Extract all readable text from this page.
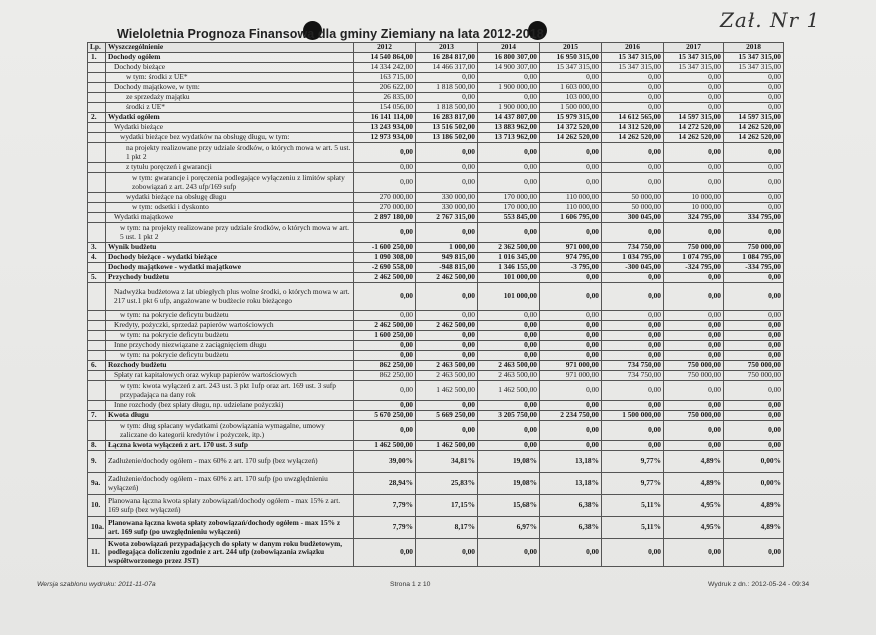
Wieloletnia Prognoza Finansowa dla gminy Ziemiany na lata 2012-2018
Zał. Nr 1
Lp.	Wyszczególnienie	2012	2013	2014	2015	2016	2017	2018
1.	Dochody ogółem	14 540 864,00	16 284 817,00	16 800 307,00	16 950 315,00	15 347 315,00	15 347 315,00	15 347 315,00
	Dochody bieżące	14 334 242,00	14 466 317,00	14 900 307,00	15 347 315,00	15 347 315,00	15 347 315,00	15 347 315,00
	w tym: środki z UE*	163 715,00	0,00	0,00	0,00	0,00	0,00	0,00
	Dochody majątkowe, w tym:	206 622,00	1 818 500,00	1 900 000,00	1 603 000,00	0,00	0,00	0,00
	ze sprzedaży majątku	26 835,00	0,00	0,00	103 000,00	0,00	0,00	0,00
	środki z UE*	154 056,00	1 818 500,00	1 900 000,00	1 500 000,00	0,00	0,00	0,00
2.	Wydatki ogółem	16 141 114,00	16 283 817,00	14 437 807,00	15 979 315,00	14 612 565,00	14 597 315,00	14 597 315,00
	Wydatki bieżące	13 243 934,00	13 516 502,00	13 883 962,00	14 372 520,00	14 312 520,00	14 272 520,00	14 262 520,00
	wydatki bieżące bez wydatków na obsługę długu, w tym:	12 973 934,00	13 186 502,00	13 713 962,00	14 262 520,00	14 262 520,00	14 262 520,00	14 262 520,00
	na projekty realizowane przy udziale środków, o których mowa w art. 5 ust. 1 pkt 2	0,00	0,00	0,00	0,00	0,00	0,00	0,00
	z tytułu poręczeń i gwarancji	0,00	0,00	0,00	0,00	0,00	0,00	0,00
	w tym: gwarancje i poręczenia podlegające wyłączeniu z limitów spłaty zobowiązań z art. 243 ufp/169 sufp	0,00	0,00	0,00	0,00	0,00	0,00	0,00
	wydatki bieżące na obsługę długu	270 000,00	330 000,00	170 000,00	110 000,00	50 000,00	10 000,00	0,00
	w tym: odsetki i dyskonto	270 000,00	330 000,00	170 000,00	110 000,00	50 000,00	10 000,00	0,00
	Wydatki majątkowe	2 897 180,00	2 767 315,00	553 845,00	1 606 795,00	300 045,00	324 795,00	334 795,00
	w tym: na projekty realizowane przy udziale środków, o których mowa w art. 5 ust. 1 pkt 2	0,00	0,00	0,00	0,00	0,00	0,00	0,00
3.	Wynik budżetu	-1 600 250,00	1 000,00	2 362 500,00	971 000,00	734 750,00	750 000,00	750 000,00
4.	Dochody bieżące - wydatki bieżące	1 090 308,00	949 815,00	1 016 345,00	974 795,00	1 034 795,00	1 074 795,00	1 084 795,00
	Dochody majątkowe - wydatki majątkowe	-2 690 558,00	-948 815,00	1 346 155,00	-3 795,00	-300 045,00	-324 795,00	-334 795,00
5.	Przychody budżetu	2 462 500,00	2 462 500,00	101 000,00	0,00	0,00	0,00	0,00
	Nadwyżka budżetowa z lat ubiegłych plus wolne środki, o których mowa w art. 217 ust.1 pkt 6 ufp, angażowane w budżecie roku bieżącego	0,00	0,00	101 000,00	0,00	0,00	0,00	0,00
	w tym: na pokrycie deficytu budżetu	0,00	0,00	0,00	0,00	0,00	0,00	0,00
	Kredyty, pożyczki, sprzedaż papierów wartościowych	2 462 500,00	2 462 500,00	0,00	0,00	0,00	0,00	0,00
	w tym: na pokrycie deficytu budżetu	1 600 250,00	0,00	0,00	0,00	0,00	0,00	0,00
	Inne przychody niezwiązane z zaciągnięciem długu	0,00	0,00	0,00	0,00	0,00	0,00	0,00
	w tym: na pokrycie deficytu budżetu	0,00	0,00	0,00	0,00	0,00	0,00	0,00
6.	Rozchody budżetu	862 250,00	2 463 500,00	2 463 500,00	971 000,00	734 750,00	750 000,00	750 000,00
	Spłaty rat kapitałowych oraz wykup papierów wartościowych	862 250,00	2 463 500,00	2 463 500,00	971 000,00	734 750,00	750 000,00	750 000,00
	w tym: kwota wyłączeń z art. 243 ust. 3 pkt 1ufp oraz art. 169 ust. 3 sufp przypadająca na dany rok	0,00	1 462 500,00	1 462 500,00	0,00	0,00	0,00	0,00
	Inne rozchody (bez spłaty długu, np. udzielane pożyczki)	0,00	0,00	0,00	0,00	0,00	0,00	0,00
7.	Kwota długu	5 670 250,00	5 669 250,00	3 205 750,00	2 234 750,00	1 500 000,00	750 000,00	0,00
	w tym: dług spłacany wydatkami (zobowiązania wymagalne, umowy zaliczane do kategorii kredytów i pożyczek, itp.)	0,00	0,00	0,00	0,00	0,00	0,00	0,00
8.	Łączna kwota wyłączeń z art. 170 ust. 3 sufp	1 462 500,00	1 462 500,00	0,00	0,00	0,00	0,00	0,00
9.	Zadłużenie/dochody ogółem - max 60% z art. 170 sufp (bez wyłączeń)	39,00%	34,81%	19,08%	13,18%	9,77%	4,89%	0,00%
9a.	Zadłużenie/dochody ogółem - max 60% z art. 170 sufp (po uwzględnieniu wyłączeń)	28,94%	25,83%	19,08%	13,18%	9,77%	4,89%	0,00%
10.	Planowana łączna kwota spłaty zobowiązań/dochody ogółem - max 15% z art. 169 sufp (bez wyłączeń)	7,79%	17,15%	15,68%	6,38%	5,11%	4,95%	4,89%
10a.	Planowana łączna kwota spłaty zobowiązań/dochody ogółem - max 15% z art. 169 sufp (po uwzględnieniu wyłączeń)	7,79%	8,17%	6,97%	6,38%	5,11%	4,95%	4,89%
11.	Kwota zobowiązań przypadających do spłaty w danym roku budżetowym, podlegająca doliczeniu zgodnie z art. 244 ufp (zobowiązania związku współtworzonego przez JST)	0,00	0,00	0,00	0,00	0,00	0,00	0,00
Wersja szablonu wydruku: 2011-11-07a	Strona 1 z 10	Wydruk z dn.: 2012-05-24 - 09:34
